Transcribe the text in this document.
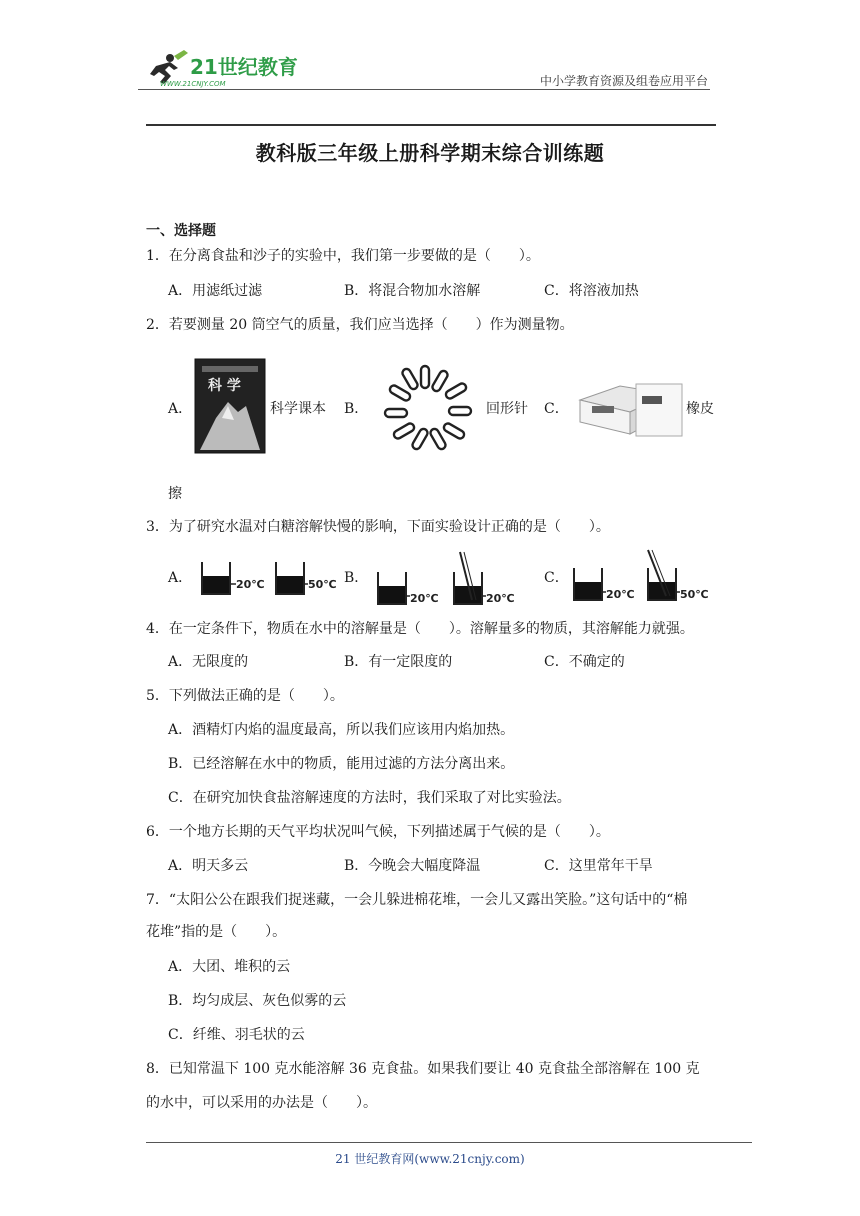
21世纪教育
WWW.21CNJY.COM	中小学教育资源及组卷应用平台
教科版三年级上册科学期末综合训练题
一、选择题
1．在分离食盐和沙子的实验中，我们第一步要做的是（　　）。
A．用滤纸过滤	B．将混合物加水溶解	C．将溶液加热
2．若要测量 20 筒空气的质量，我们应当选择（　　）作为测量物。
A．
科 学
科学课本 B．	回形针 C．	橡皮
擦
3．为了研究水温对白糖溶解快慢的影响，下面实验设计正确的是（　　）。
A．	20℃	50℃ B．
20℃	20℃
C．
20℃	50℃
4．在一定条件下，物质在水中的溶解量是（　　）。溶解量多的物质，其溶解能力就强。
A．无限度的	B．有一定限度的	C．不确定的
5．下列做法正确的是（　　）。
A．酒精灯内焰的温度最高，所以我们应该用内焰加热。
B．已经溶解在水中的物质，能用过滤的方法分离出来。
C．在研究加快食盐溶解速度的方法时，我们采取了对比实验法。
6．一个地方长期的天气平均状况叫气候，下列描述属于气候的是（　　）。
A．明天多云	B．今晚会大幅度降温	C．这里常年干旱
7．“太阳公公在跟我们捉迷藏，一会儿躲进棉花堆，一会儿又露出笑脸。”这句话中的“棉
花堆”指的是（　　）。
A．大团、堆积的云
B．均匀成层、灰色似雾的云
C．纤维、羽毛状的云
8．已知常温下 100 克水能溶解 36 克食盐。如果我们要让 40 克食盐全部溶解在 100 克
的水中，可以采用的办法是（　　）。
21 世纪教育网(www.21cnjy.com)
